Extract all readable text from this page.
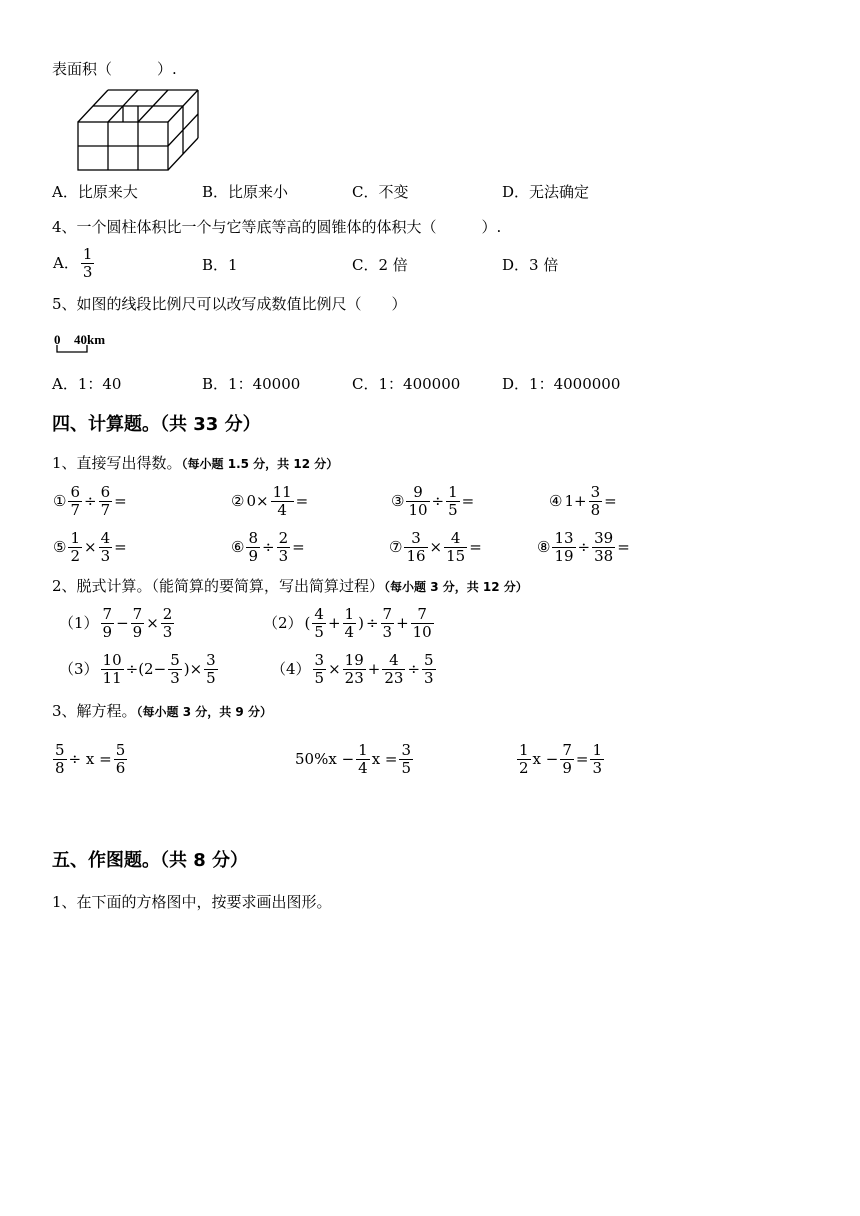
表面积（　　　）.
A．比原来大	B．比原来小	C．不变	D．无法确定
4、一个圆柱体积比一个与它等底等高的圆锥体的体积大（　　　）.
A． $\frac{1}{3}$	B．1	C．2 倍	D．3 倍
5、如图的线段比例尺可以改写成数值比例尺（　　）
0 40km
A．1：40	B．1：40000	C．1：400000	D．1：4000000
四、计算题。（共 33 分）
1、直接写出得数。（每小题 1.5 分，共 12 分）
① $\frac{6}{7} \div \frac{6}{7}$ =	② $0\times \frac{11}{4}$ =	③ $\frac{9}{10} \div \frac{1}{5}$ =	④ $1+ \frac{3}{8}$ =
⑤ $\frac{1}{2} \times \frac{4}{3}$ =	⑥ $\frac{8}{9} \div \frac{2}{3}$ =	⑦ $\frac{3}{16} \times \frac{4}{15}$ =	⑧ $\frac{13}{19} \div \frac{39}{38}$ =
2、脱式计算。（能简算的要简算，写出简算过程）（每小题 3 分，共 12 分）
$(1) \frac{7}{9} - \frac{7}{9} \times \frac{2}{3}$	（2） ( $\frac{4}{5} + \frac{1}{4}$ ) ÷ $\frac{7}{3} + \frac{7}{10}$
$(3) \frac{10}{11} \div(2- \frac{5}{3}$ )× $\frac{3}{5}$	$(4) \frac{3}{5} \times \frac{19}{23} + \frac{4}{23} \div \frac{5}{3}$
3、解方程。（每小题 3 分，共 9 分）
$\frac{5}{8} \div x = \frac{5}{6}$	$50\%x - \frac{1}{4}$ $x = \frac{3}{5}$	$\frac{1}{2}$ $x - \frac{7}{9} = \frac{1}{3}$
五、作图题。（共 8 分）
1、在下面的方格图中，按要求画出图形。
